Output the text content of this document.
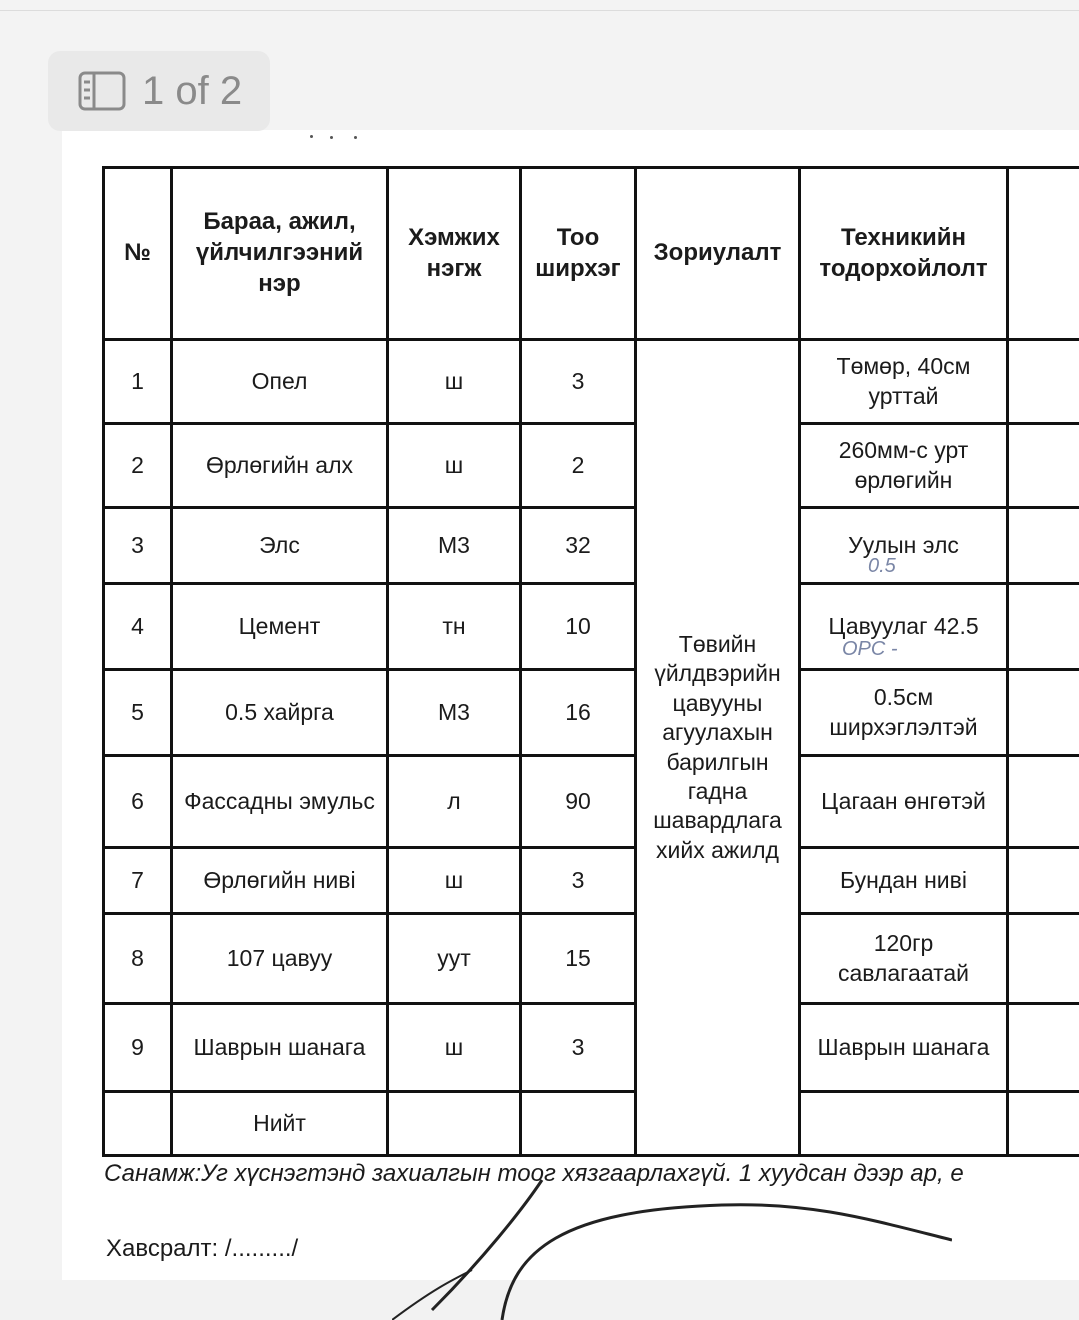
№	Бараа, ажил, үйлчилгээний нэр	Хэмжих нэгж	Тоо ширхэг	Зориулалт	Техникийн тодорхойлолт	
1	Опел	ш	3	Төвийн үйлдвэрийн цавууны агуулахын барилгын гадна шавардлага хийх ажилд	Төмөр, 40см урттай	
2	Өрлөгийн алх	ш	2		260мм-с урт өрлөгийн	
3	Элс	М3	32		Уулын элс	
4	Цемент	тн	10		Цавуулаг 42.5	
5	0.5 хайрга	М3	16		0.5см ширхэглэлтэй	
6	Фассадны эмульс	л	90		Цагаан өнгөтэй	
7	Өрлөгийн нивi	ш	3		Бундан нивi	
8	107 цавуу	уут	15		120гр савлагаатай	
9	Шаврын шанага	ш	3		Шаврын шанага	
	Нийт					
0.5
OPC -
Санамж:Уг хүснэгтэнд захиалгын тоог хязгаарлахгүй. 1 хуудсан дээр ар, е
Хавсралт: /........./
1 of 2
